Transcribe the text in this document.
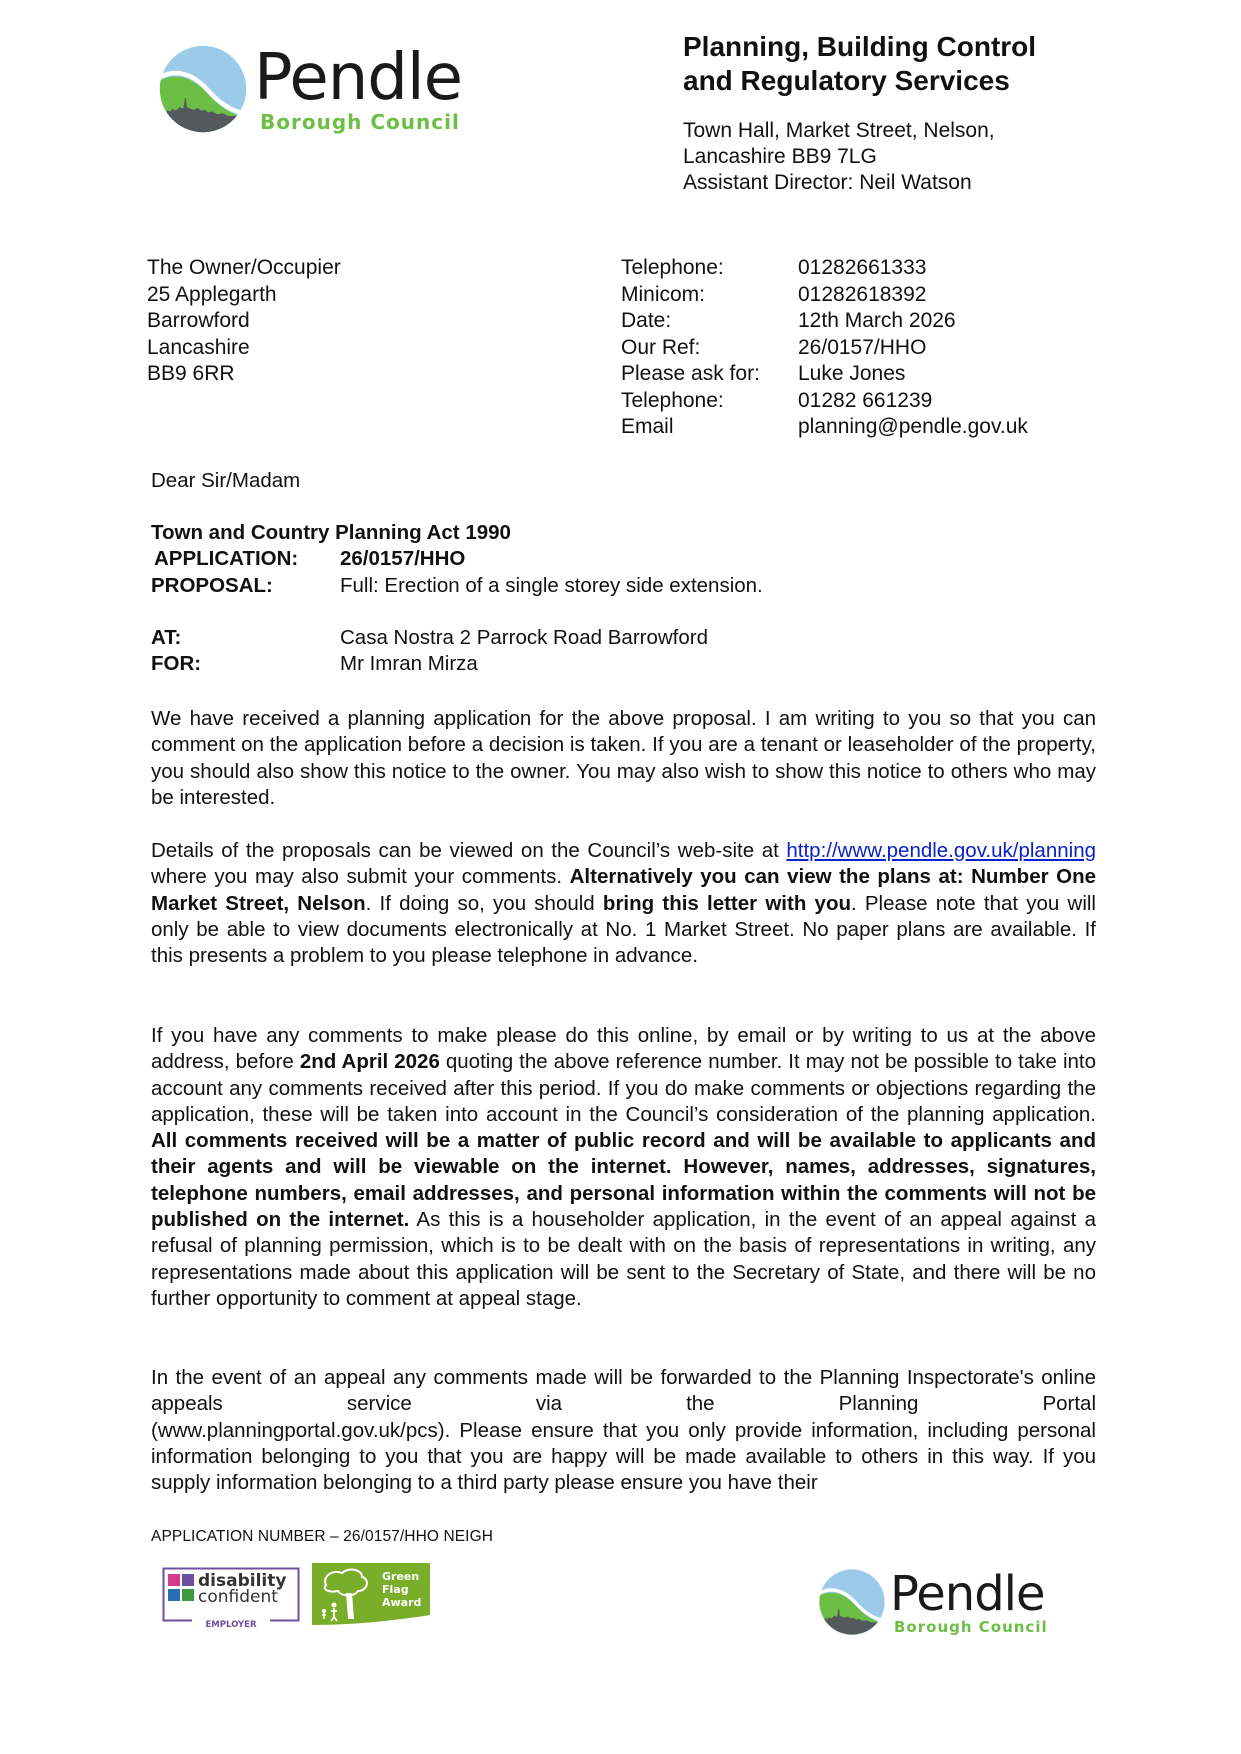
Pendle
Borough Council
Planning, Building Control
and Regulatory Services
Town Hall, Market Street, Nelson,
Lancashire BB9 7LG
Assistant Director: Neil Watson
The Owner/Occupier
25 Applegarth
Barrowford
Lancashire
BB9 6RR
Telephone:	01282661333
Minicom:	01282618392
Date:	12th March 2026
Our Ref:	26/0157/HHO
Please ask for:	Luke Jones
Telephone:	01282 661239
Email	planning@pendle.gov.uk
Dear Sir/Madam
Town and Country Planning Act 1990
APPLICATION:	26/0157/HHO
PROPOSAL:	Full: Erection of a single storey side extension.
AT:	Casa Nostra 2 Parrock Road Barrowford
FOR:	Mr Imran Mirza

We have received a planning application for the above proposal. I am writing to you so that you can comment on the application before a decision is taken. If you are a tenant or leaseholder of the property, you should also show this notice to the owner. You may also wish to show this notice to others who may be interested.

Details of the proposals can be viewed on the Council’s web-site at http://www.pendle.gov.uk/planning where you may also submit your comments. Alternatively you can view the plans at: Number One Market Street, Nelson. If doing so, you should bring this letter with you. Please note that you will only be able to view documents electronically at No. 1 Market Street. No paper plans are available. If this presents a problem to you please telephone in advance.

If you have any comments to make please do this online, by email or by writing to us at the above address, before 2nd April 2026 quoting the above reference number. It may not be possible to take into account any comments received after this period. If you do make comments or objections regarding the application, these will be taken into account in the Council’s consideration of the planning application. All comments received will be a matter of public record and will be available to applicants and their agents and will be viewable on the internet. However, names, addresses, signatures, telephone numbers, email addresses, and personal information within the comments will not be published on the internet. As this is a householder application, in the event of an appeal against a refusal of planning permission, which is to be dealt with on the basis of representations in writing, any representations made about this application will be sent to the Secretary of State, and there will be no further opportunity to comment at appeal stage.

In the event of an appeal any comments made will be forwarded to the Planning Inspectorate's online appeals service via the Planning Portal
(www.planningportal.gov.uk/pcs). Please ensure that you only provide information, including personal information belonging to you that you are happy will be made available to others in this way. If you supply information belonging to a third party please ensure you have their

APPLICATION NUMBER – 26/0157/HHO NEIGH
disability
confident
EMPLOYER
Green
Flag
Award	Pendle
Borough Council
